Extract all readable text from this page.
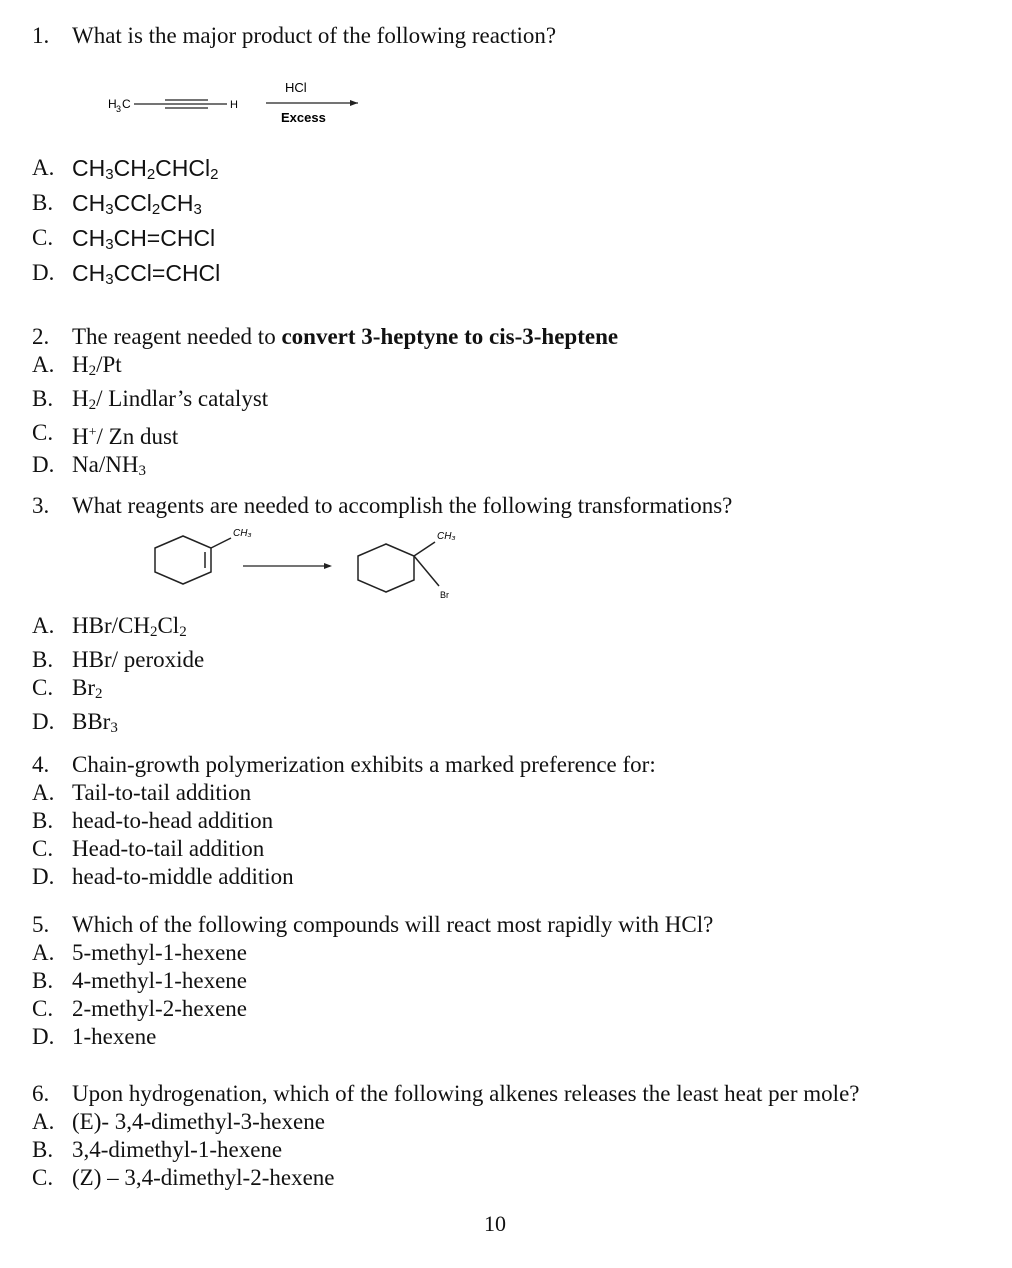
1. What is the major product of the following reaction?
H 3 C	H
HCl
Excess
A. $CH_3CH_2CHCl_2$
B. $CH_3CCl_2CH_3$
C. $CH_3CH=CHCl$
D. $CH_3CCl=CHCl$
2. The reagent needed to convert 3-heptyne to cis-3-heptene
A. $H_2/Pt$
B. $H_2/$ Lindlar’s catalyst
C. H+/ Zn dust
D. $Na/NH_3$
3. What reagents are needed to accomplish the following transformations?
CH₃	CH₃
Br
A. HBr/$CH_2Cl_2$
B. HBr/ peroxide
C. $Br_2$
D. BBr$_3$
4. Chain-growth polymerization exhibits a marked preference for:
A. Tail-to-tail addition
B. head-to-head addition
C. Head-to-tail addition
D. head-to-middle addition
5. Which of the following compounds will react most rapidly with HCl?
A. 5-methyl-1-hexene
B. 4-methyl-1-hexene
C. 2-methyl-2-hexene
D. 1-hexene
6. Upon hydrogenation, which of the following alkenes releases the least heat per mole?
A. (E)- 3,4-dimethyl-3-hexene
B. 3,4-dimethyl-1-hexene
C. (Z) – 3,4-dimethyl-2-hexene
10
